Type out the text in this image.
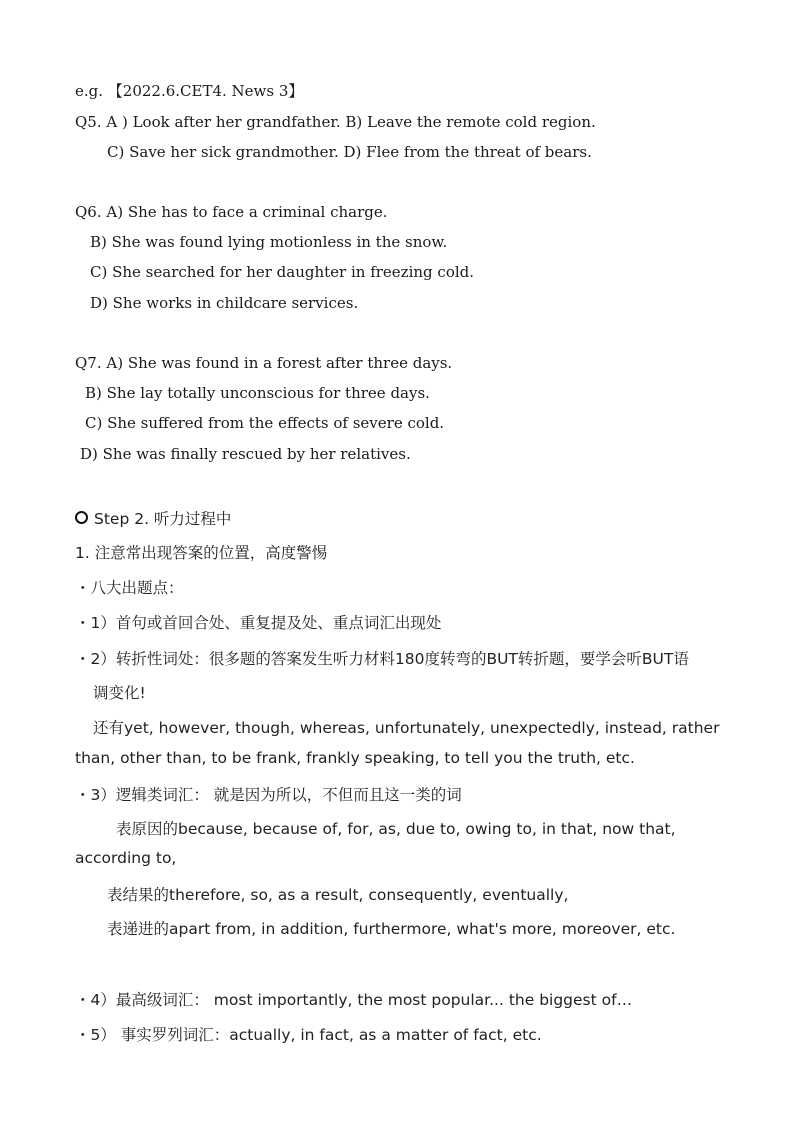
e.g. 【2022.6.CET4. News 3】
Q5. A ) Look after her grandfather. B) Leave the remote cold region.
C) Save her sick grandmother. D) Flee from the threat of bears.
Q6. A) She has to face a criminal charge.
B) She was found lying motionless in the snow.
C) She searched for her daughter in freezing cold.
D) She works in childcare services.
Q7. A) She was found in a forest after three days.
B) She lay totally unconscious for three days.
C) She suffered from the effects of severe cold.
D) She was finally rescued by her relatives.
Step 2. 听力过程中
1. 注意常出现答案的位置，高度警惕
・八大出题点：
・1）首句或首回合处、重复提及处、重点词汇出现处
・2）转折性词处：很多题的答案发生听力材料180度转弯的BUT转折题，要学会听BUT语
调变化!
还有yet, however, though, whereas, unfortunately, unexpectedly, instead, rather
than, other than, to be frank, frankly speaking, to tell you the truth, etc.
・3）逻辑类词汇： 就是因为所以，不但而且这一类的词
表原因的because, because of, for, as, due to, owing to, in that, now that,
according to,
表结果的therefore, so, as a result, consequently, eventually,
表递进的apart from, in addition, furthermore, what's more, moreover, etc.
・4）最高级词汇： most importantly, the most popular... the biggest of…
・5） 事实罗列词汇：actually, in fact, as a matter of fact, etc.
